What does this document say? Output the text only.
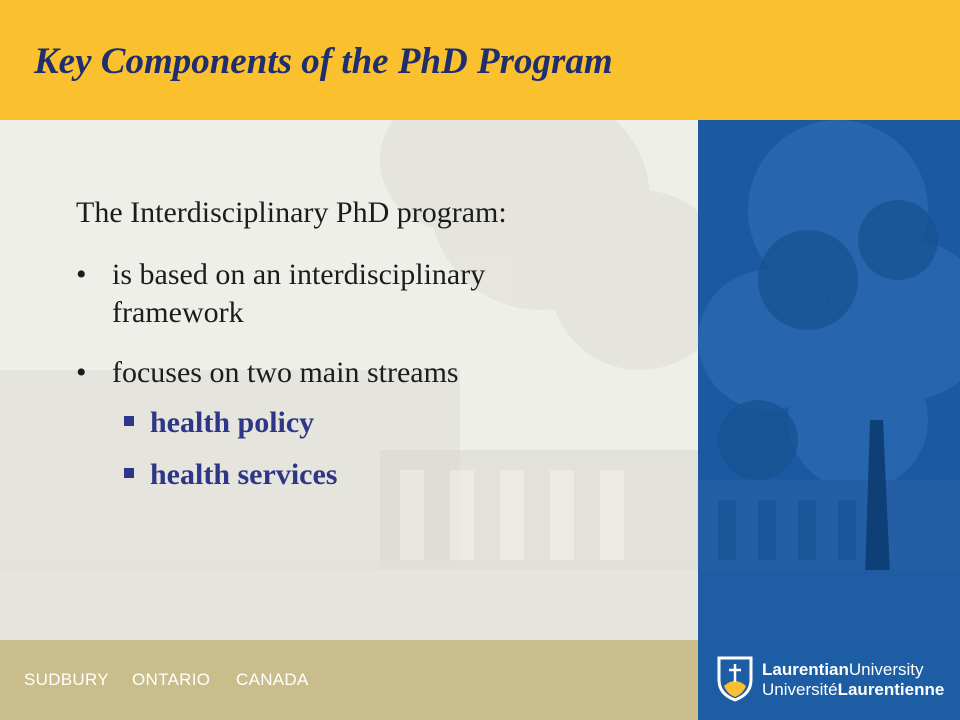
Key Components of the PhD Program
The Interdisciplinary PhD program:
• is based on an interdisciplinary
framework
• focuses on two main streams
health policy
health services
SUDBURY ONTARIO CANADA
LaurentianUniversity
UniversitéLaurentienne
